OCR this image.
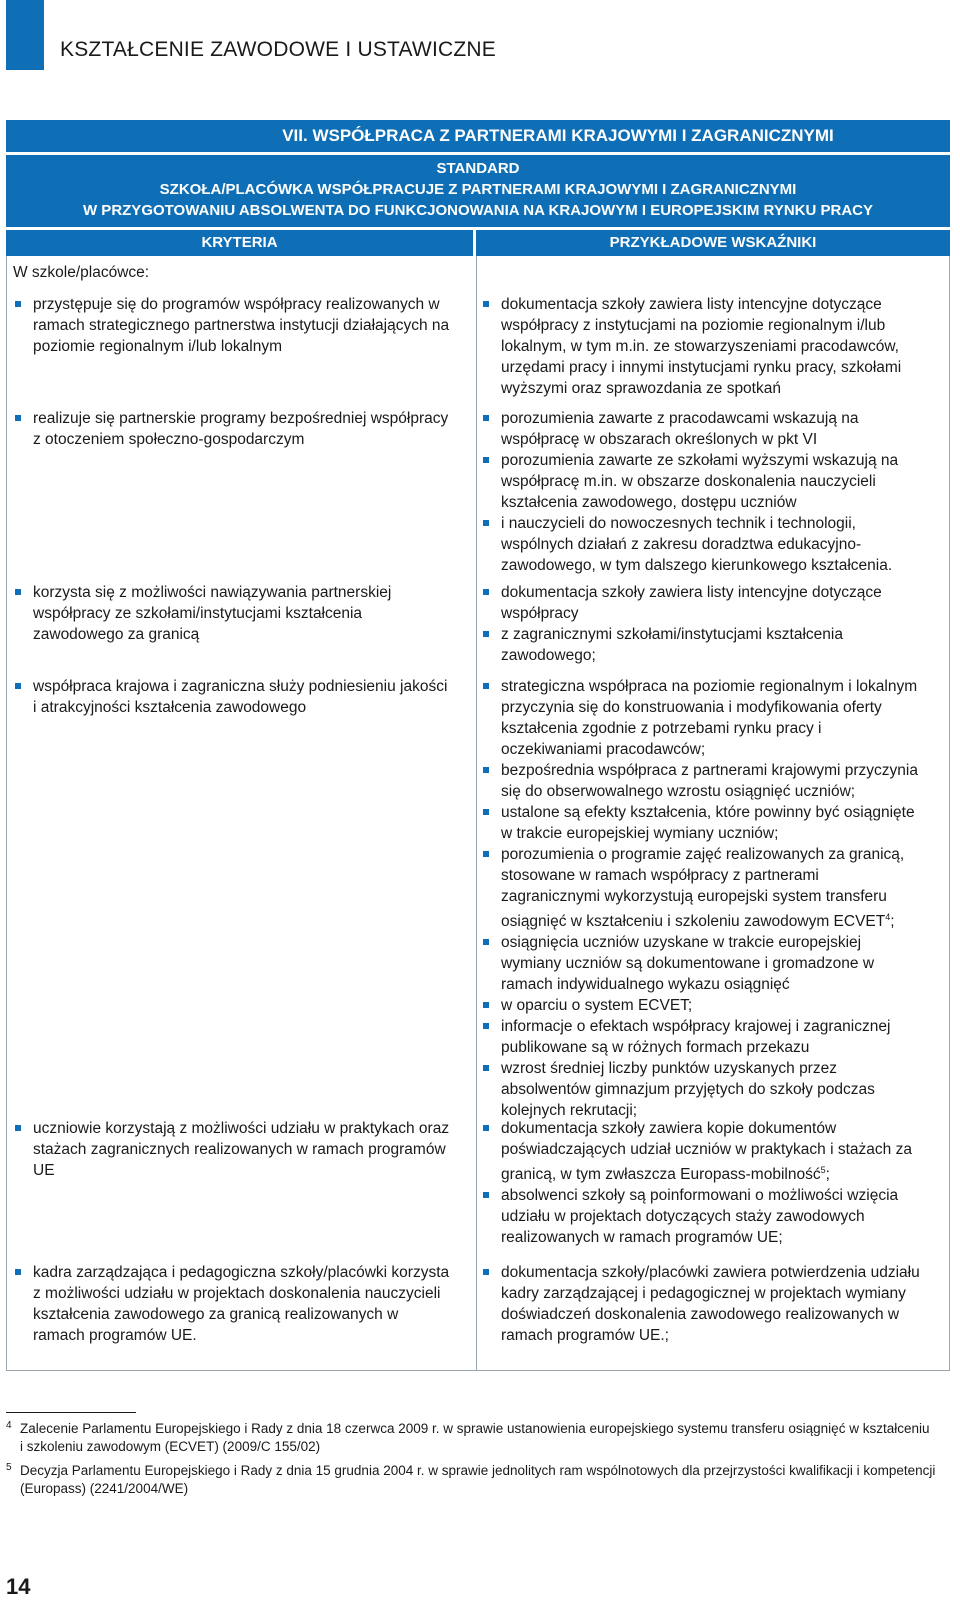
KSZTAŁCENIE ZAWODOWE I USTAWICZNE
VII. WSPÓŁPRACA Z PARTNERAMI KRAJOWYMI I ZAGRANICZNYMI
STANDARD
SZKOŁA/PLACÓWKA WSPÓŁPRACUJE Z PARTNERAMI KRAJOWYMI I ZAGRANICZNYMI
W PRZYGOTOWANIU ABSOLWENTA DO FUNKCJONOWANIA NA KRAJOWYM I EUROPEJSKIM RYNKU PRACY
KRYTERIA	PRZYKŁADOWE WSKAŹNIKI
W szkole/placówce:
przystępuje się do programów współpracy realizowanych w ramach strategicznego partnerstwa instytucji działających na poziomie regionalnym i/lub lokalnym
dokumentacja szkoły zawiera listy intencyjne dotyczące współpracy z instytucjami na poziomie regionalnym i/lub lokalnym, w tym m.in. ze stowarzyszeniami pracodawców, urzędami pracy i innymi instytucjami rynku pracy, szkołami wyższymi oraz sprawozdania ze spotkań
realizuje się partnerskie programy bezpośredniej współpracy z otoczeniem społeczno-gospodarczym
porozumienia zawarte z pracodawcami wskazują na współpracę w obszarach określonych w pkt VI
porozumienia zawarte ze szkołami wyższymi wskazują na współpracę m.in. w obszarze doskonalenia nauczycieli kształcenia zawodowego, dostępu uczniów
i nauczycieli do nowoczesnych technik i technologii, wspólnych działań z zakresu doradztwa edukacyjno-zawodowego, w tym dalszego kierunkowego kształcenia.
korzysta się z możliwości nawiązywania partnerskiej współpracy ze szkołami/instytucjami kształcenia zawodowego za granicą
dokumentacja szkoły zawiera listy intencyjne dotyczące współpracy
z zagranicznymi szkołami/instytucjami kształcenia zawodowego;
współpraca krajowa i zagraniczna służy podniesieniu jakości i atrakcyjności kształcenia zawodowego
strategiczna współpraca na poziomie regionalnym i lokalnym przyczynia się do konstruowania i modyfikowania oferty kształcenia zgodnie z potrzebami rynku pracy i oczekiwaniami pracodawców;
bezpośrednia współpraca z partnerami krajowymi przyczynia się do obserwowalnego wzrostu osiągnięć uczniów;
ustalone są efekty kształcenia, które powinny być osiągnięte w trakcie europejskiej wymiany uczniów;
porozumienia o programie zajęć realizowanych za granicą, stosowane w ramach współpracy z partnerami zagranicznymi wykorzystują europejski system transferu osiągnięć w kształceniu i szkoleniu zawodowym ECVET$^4$;
osiągnięcia uczniów uzyskane w trakcie europejskiej wymiany uczniów są dokumentowane i gromadzone w ramach indywidualnego wykazu osiągnięć
w oparciu o system ECVET;
informacje o efektach współpracy krajowej i zagranicznej publikowane są w różnych formach przekazu
wzrost średniej liczby punktów uzyskanych przez absolwentów gimnazjum przyjętych do szkoły podczas kolejnych rekrutacji;
uczniowie korzystają z możliwości udziału w praktykach oraz stażach zagranicznych realizowanych w ramach programów UE
dokumentacja szkoły zawiera kopie dokumentów poświadczających udział uczniów w praktykach i stażach za granicą, w tym zwłaszcza Europass-mobilność$^5$;
absolwenci szkoły są poinformowani o możliwości wzięcia udziału w projektach dotyczących staży zawodowych realizowanych w ramach programów UE;
kadra zarządzająca i pedagogiczna szkoły/placówki korzysta z możliwości udziału w projektach doskonalenia nauczycieli kształcenia zawodowego za granicą realizowanych w ramach programów UE.
dokumentacja szkoły/placówki zawiera potwierdzenia udziału kadry zarządzającej i pedagogicznej w projektach wymiany doświadczeń doskonalenia zawodowego realizowanych w ramach programów UE.;
4 Zalecenie Parlamentu Europejskiego i Rady z dnia 18 czerwca 2009 r. w sprawie ustanowienia europejskiego systemu transferu osiągnięć w kształceniu i szkoleniu zawodowym (ECVET) (2009/C 155/02)
5 Decyzja Parlamentu Europejskiego i Rady z dnia 15 grudnia 2004 r. w sprawie jednolitych ram wspólnotowych dla przejrzystości kwalifikacji i kompetencji (Europass) (2241/2004/WE)
14
